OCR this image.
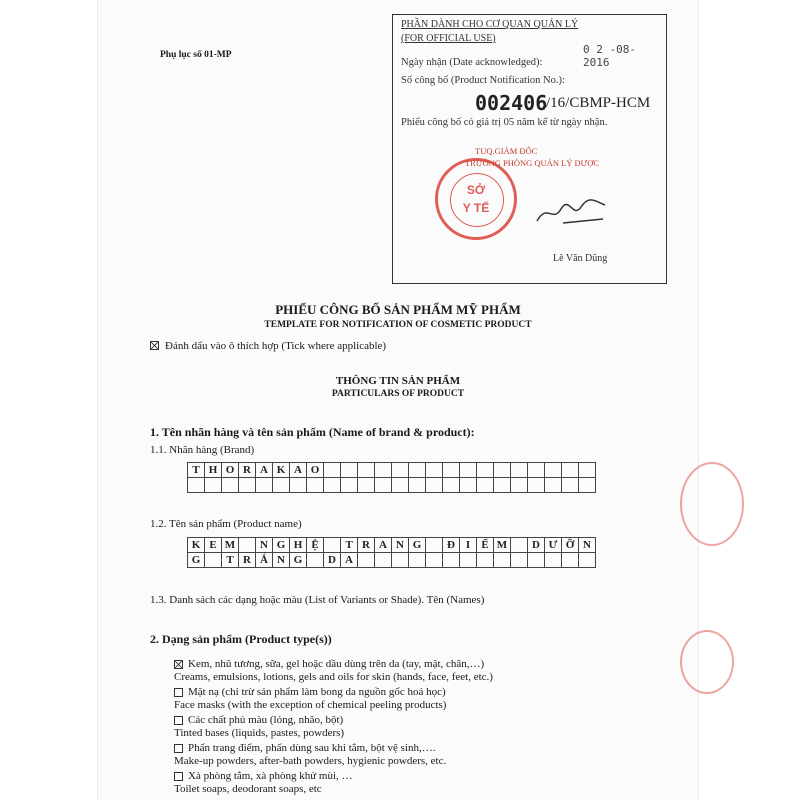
Phụ lục số 01-MP
PHẦN DÀNH CHO CƠ QUAN QUẢN LÝ
(FOR OFFICIAL USE)
0 2 -08- 2016
Ngày nhận (Date acknowledged):
Số công bố (Product Notification No.):
002406
/16/CBMP-HCM
Phiếu công bố có giá trị 05 năm kể từ ngày nhận.
TUQ.GIÁM ĐỐC
TRƯỞNG PHÒNG QUẢN LÝ DƯỢC
Lê Văn Dũng
SỞ
Y TẾ
PHIẾU CÔNG BỐ SẢN PHẨM MỸ PHẨM
TEMPLATE FOR NOTIFICATION OF COSMETIC PRODUCT
Đánh dấu vào ô thích hợp (Tick where applicable)
THÔNG TIN SẢN PHẨM
PARTICULARS OF PRODUCT
1. Tên nhãn hàng và tên sản phẩm (Name of brand & product):
1.1. Nhãn hàng (Brand)
T H O R A K A O
1.2. Tên sản phẩm (Product name)
K E M	N G H Ệ	T R A N G	Đ I	Ể M	D Ư Ỡ N
G	T R Ắ N G	D A
1.3. Danh sách các dạng hoặc màu (List of Variants or Shade). Tên (Names)
2. Dạng sản phẩm (Product type(s))
Kem, nhũ tương, sữa, gel hoặc dầu dùng trên da (tay, mặt, chân,…)
Creams, emulsions, lotions, gels and oils for skin (hands, face, feet, etc.)
Mặt nạ (chỉ trừ sản phẩm làm bong da nguồn gốc hoá học)
Face masks (with the exception of chemical peeling products)
Các chất phủ màu (lỏng, nhão, bột)
Tinted bases (liquids, pastes, powders)
Phấn trang điểm, phấn dùng sau khi tắm, bột vệ sinh,….
Make-up powders, after-bath powders, hygienic powders, etc.
Xà phòng tắm, xà phòng khử mùi, …
Toilet soaps, deodorant soaps, etc
